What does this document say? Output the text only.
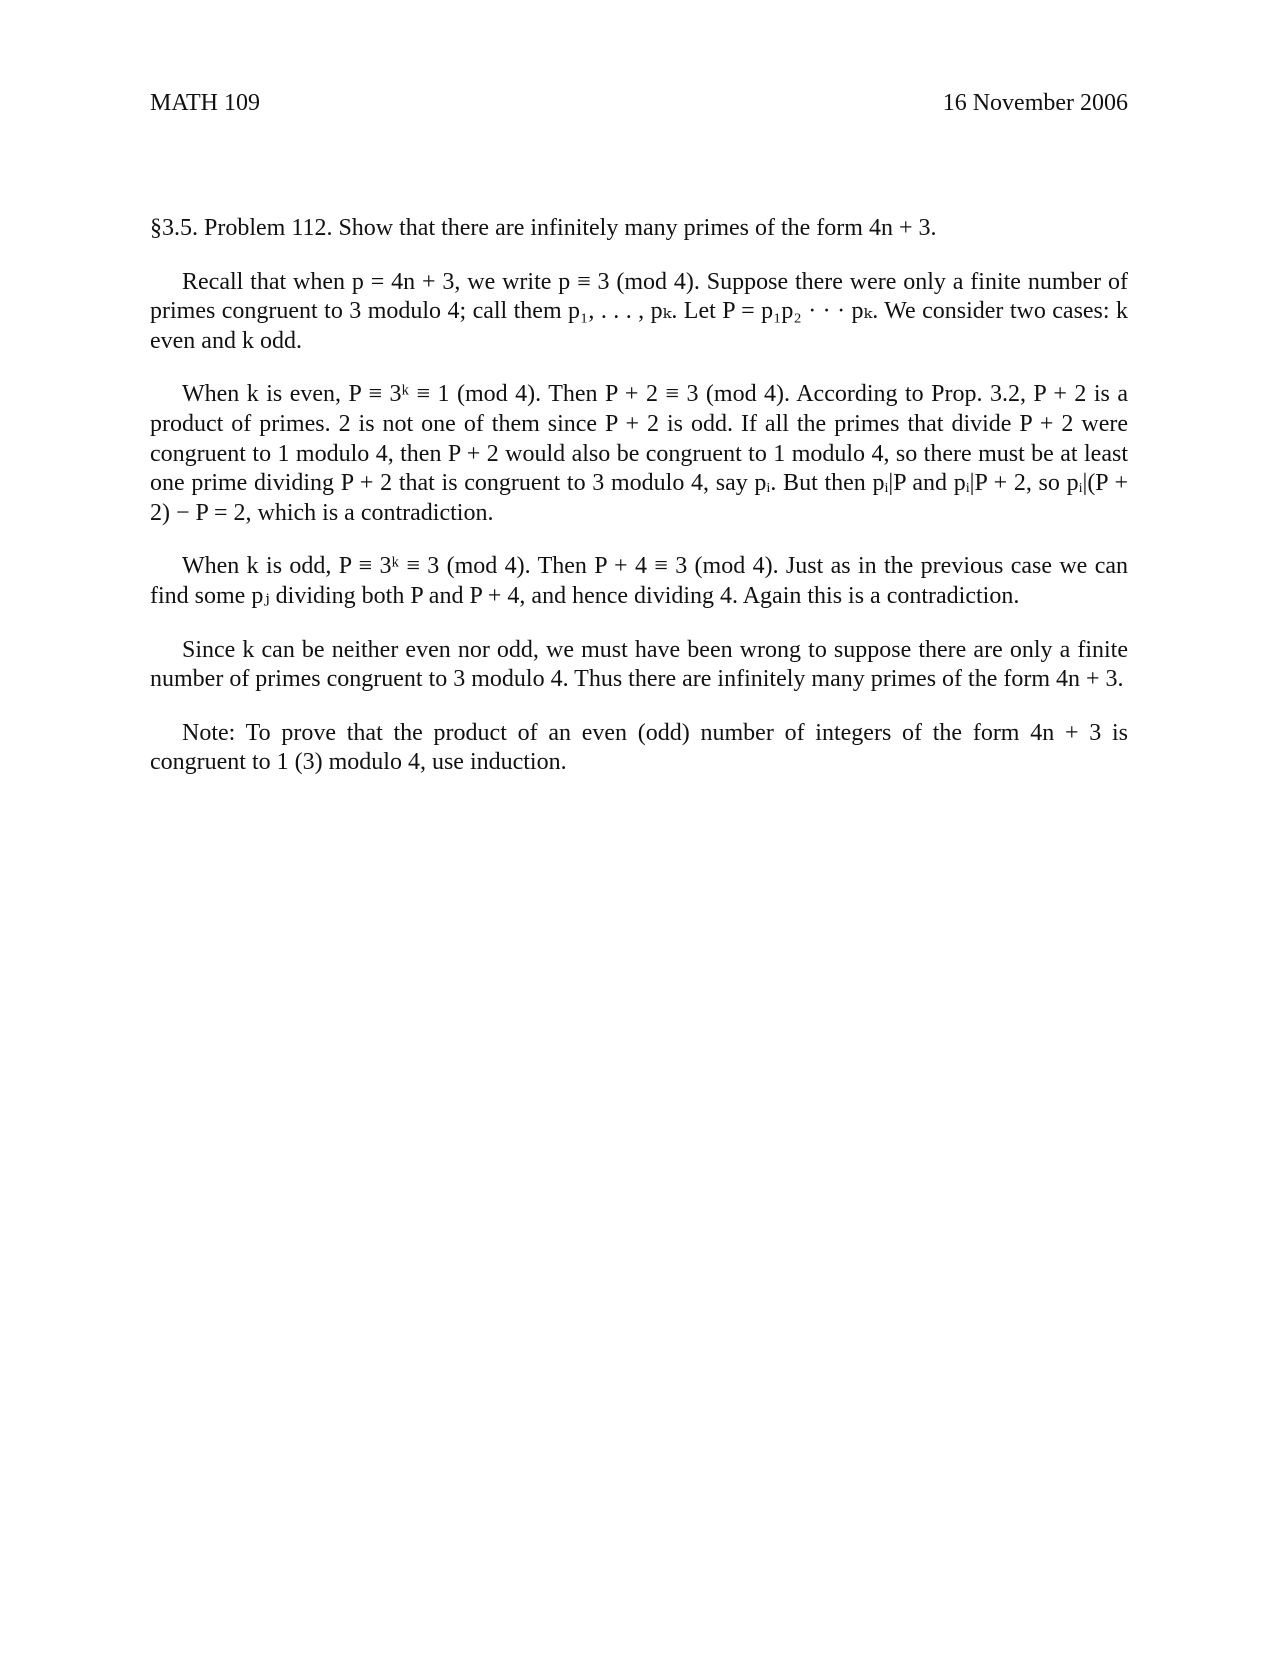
MATH 109	16 November 2006

§3.5. Problem 112. Show that there are infinitely many primes of the form 4n + 3.

Recall that when p = 4n + 3, we write p ≡ 3 (mod 4). Suppose there were only a finite number of primes congruent to 3 modulo 4; call them p₁, . . . , pₖ. Let P = p₁p₂ · · · pₖ. We consider two cases: k even and k odd.

When k is even, P ≡ 3ᵏ ≡ 1 (mod 4). Then P + 2 ≡ 3 (mod 4). According to Prop. 3.2, P + 2 is a product of primes. 2 is not one of them since P + 2 is odd. If all the primes that divide P + 2 were congruent to 1 modulo 4, then P + 2 would also be congruent to 1 modulo 4, so there must be at least one prime dividing P + 2 that is congruent to 3 modulo 4, say pᵢ. But then pᵢ|P and pᵢ|P + 2, so pᵢ|(P + 2) − P = 2, which is a contradiction.

When k is odd, P ≡ 3ᵏ ≡ 3 (mod 4). Then P + 4 ≡ 3 (mod 4). Just as in the previous case we can find some pⱼ dividing both P and P + 4, and hence dividing 4. Again this is a contradiction.

Since k can be neither even nor odd, we must have been wrong to suppose there are only a finite number of primes congruent to 3 modulo 4. Thus there are infinitely many primes of the form 4n + 3.

Note: To prove that the product of an even (odd) number of integers of the form 4n + 3 is congruent to 1 (3) modulo 4, use induction.
